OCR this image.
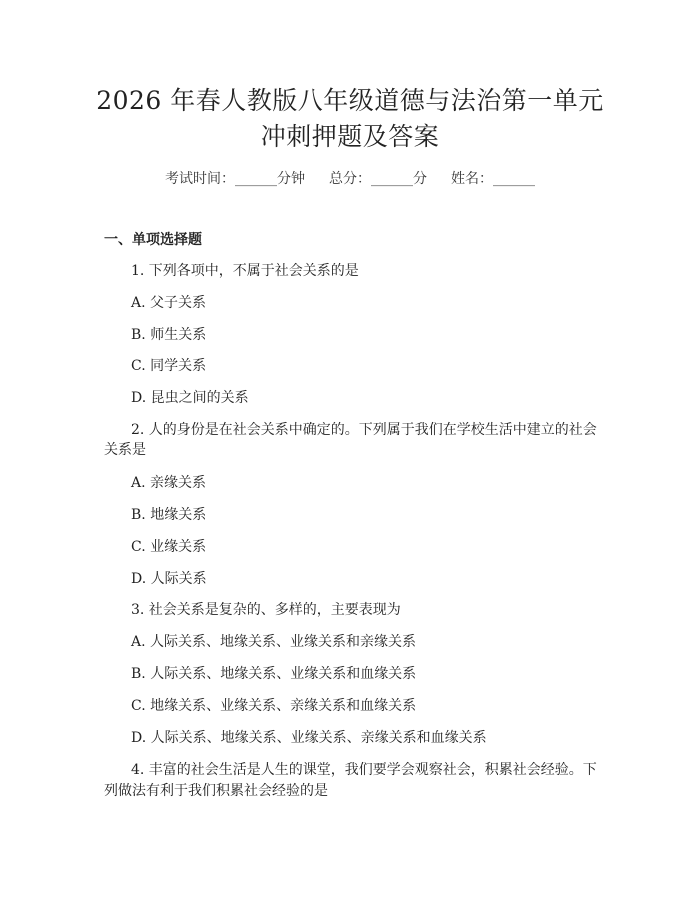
2026 年春人教版八年级道德与法治第一单元
冲刺押题及答案
考试时间：______分钟 总分：______分 姓名：______
一、单项选择题
1. 下列各项中，不属于社会关系的是
A. 父子关系
B. 师生关系
C. 同学关系
D. 昆虫之间的关系
2. 人的身份是在社会关系中确定的。下列属于我们在学校生活中建立的社会
关系是
A. 亲缘关系
B. 地缘关系
C. 业缘关系
D. 人际关系
3. 社会关系是复杂的、多样的，主要表现为
A. 人际关系、地缘关系、业缘关系和亲缘关系
B. 人际关系、地缘关系、业缘关系和血缘关系
C. 地缘关系、业缘关系、亲缘关系和血缘关系
D. 人际关系、地缘关系、业缘关系、亲缘关系和血缘关系
4. 丰富的社会生活是人生的课堂，我们要学会观察社会，积累社会经验。下
列做法有利于我们积累社会经验的是
